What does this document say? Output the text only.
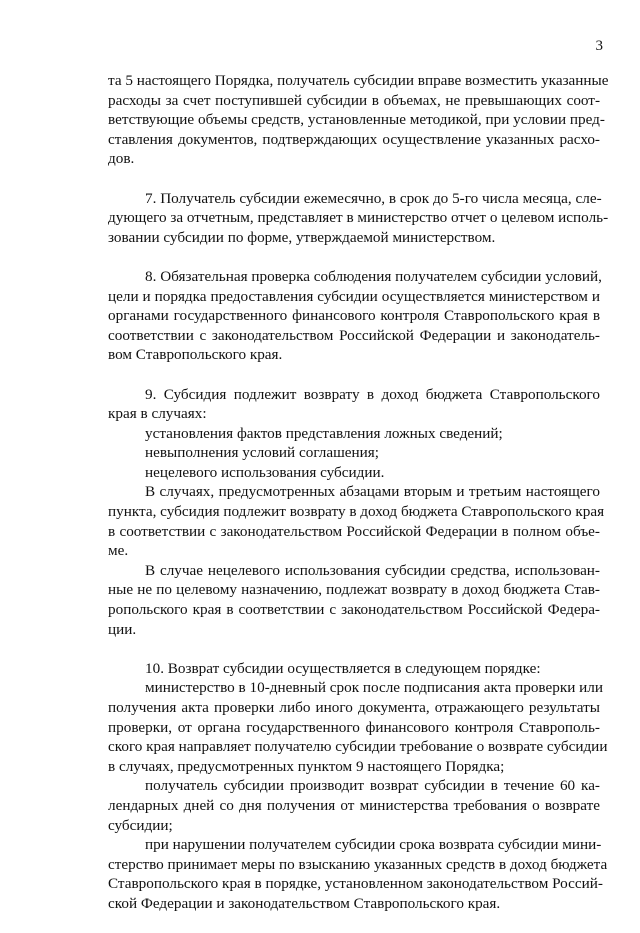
3
та 5 настоящего Порядка, получатель субсидии вправе возместить указанные
расходы за счет поступившей субсидии в объемах, не превышающих соот-
ветствующие объемы средств, установленные методикой, при условии пред-
ставления документов, подтверждающих осуществление указанных расхо-
дов.
7. Получатель субсидии ежемесячно, в срок до 5-го числа месяца, сле-
дующего за отчетным, представляет в министерство отчет о целевом исполь-
зовании субсидии по форме, утверждаемой министерством.
8. Обязательная проверка соблюдения получателем субсидии условий,
цели и порядка предоставления субсидии осуществляется министерством и
органами государственного финансового контроля Ставропольского края в
соответствии с законодательством Российской Федерации и законодатель-
вом Ставропольского края.
9. Субсидия подлежит возврату в доход бюджета Ставропольского
края в случаях:
установления фактов представления ложных сведений;
невыполнения условий соглашения;
нецелевого использования субсидии.
В случаях, предусмотренных абзацами вторым и третьим настоящего
пункта, субсидия подлежит возврату в доход бюджета Ставропольского края
в соответствии с законодательством Российской Федерации в полном объе-
ме.
В случае нецелевого использования субсидии средства, использован-
ные не по целевому назначению, подлежат возврату в доход бюджета Став-
ропольского края в соответствии с законодательством Российской Федера-
ции.
10. Возврат субсидии осуществляется в следующем порядке:
министерство в 10-дневный срок после подписания акта проверки или
получения акта проверки либо иного документа, отражающего результаты
проверки, от органа государственного финансового контроля Ставрополь-
ского края направляет получателю субсидии требование о возврате субсидии
в случаях, предусмотренных пунктом 9 настоящего Порядка;
получатель субсидии производит возврат субсидии в течение 60 ка-
лендарных дней со дня получения от министерства требования о возврате
субсидии;
при нарушении получателем субсидии срока возврата субсидии мини-
стерство принимает меры по взысканию указанных средств в доход бюджета
Ставропольского края в порядке, установленном законодательством Россий-
ской Федерации и законодательством Ставропольского края.
